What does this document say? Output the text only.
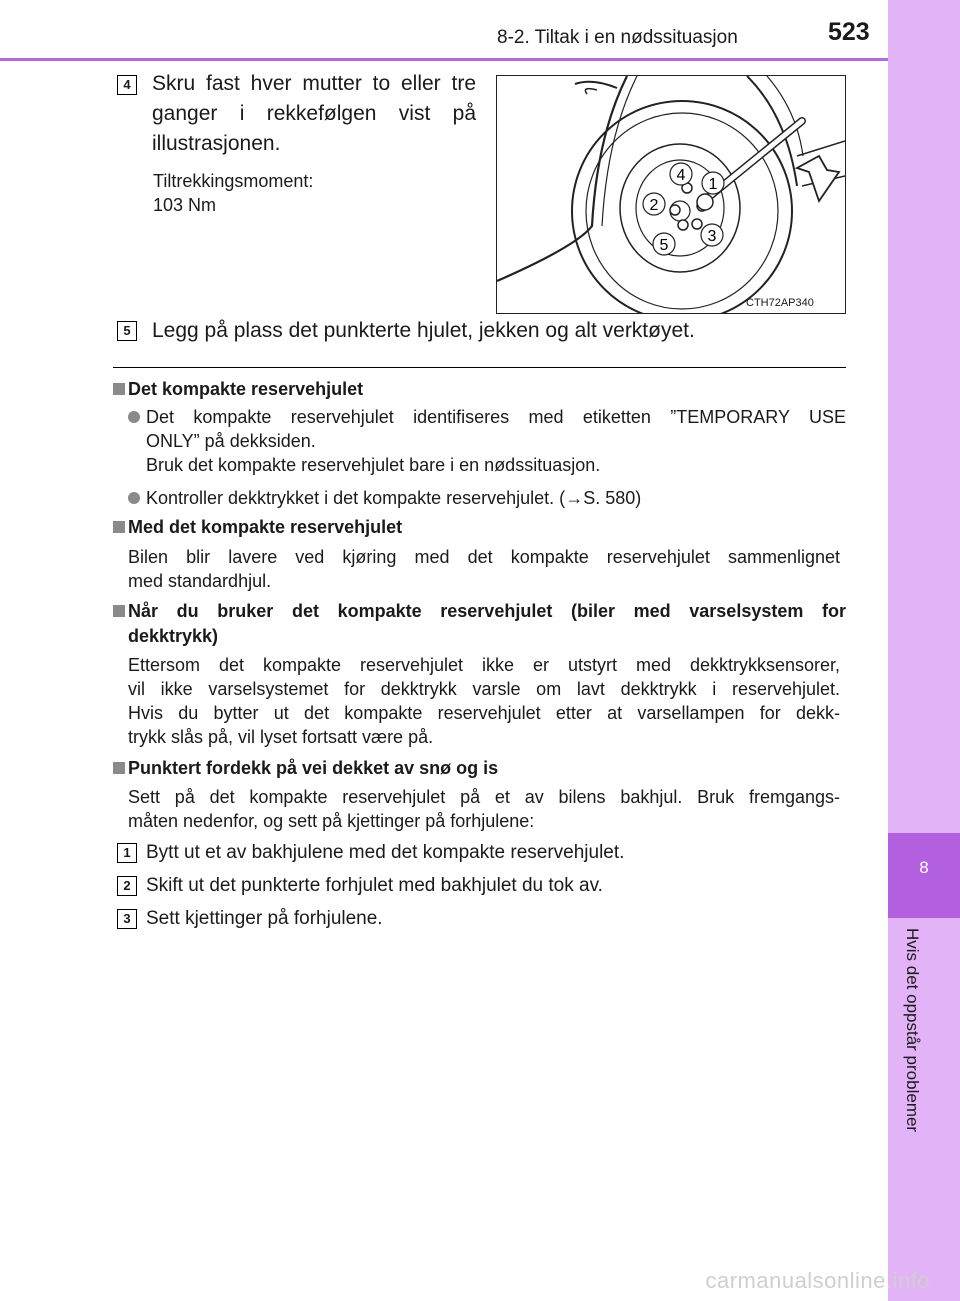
8-2. Tiltak i en nødssituasjon	523
8
Hvis det oppstår problemer
4	Skru fast hver mutter to eller tre ganger i rekkefølgen vist på illustrasjonen.
Tiltrekkingsmoment:
103 Nm
4
1
2
3
5
CTH72AP340
5	Legg på plass det punkterte hjulet, jekken og alt verktøyet.
Det kompakte reservehjulet
Det kompakte reservehjulet identifiseres med etiketten ”TEMPORARY USE
ONLY” på dekksiden.
Bruk det kompakte reservehjulet bare i en nødssituasjon.
Kontroller dekktrykket i det kompakte reservehjulet. (→S. 580)
Med det kompakte reservehjulet
Bilen blir lavere ved kjøring med det kompakte reservehjulet sammenlignet
med standardhjul.
Når du bruker det kompakte reservehjulet (biler med varselsystem for
dekktrykk)
Ettersom det kompakte reservehjulet ikke er utstyrt med dekktrykksensorer,
vil ikke varselsystemet for dekktrykk varsle om lavt dekktrykk i reservehjulet.
Hvis du bytter ut det kompakte reservehjulet etter at varsellampen for dekk-
trykk slås på, vil lyset fortsatt være på.
Punktert fordekk på vei dekket av snø og is
Sett på det kompakte reservehjulet på et av bilens bakhjul. Bruk fremgangs-
måten nedenfor, og sett på kjettinger på forhjulene:
1 Bytt ut et av bakhjulene med det kompakte reservehjulet.
2 Skift ut det punkterte forhjulet med bakhjulet du tok av.
3 Sett kjettinger på forhjulene.
carmanualsonline.info
